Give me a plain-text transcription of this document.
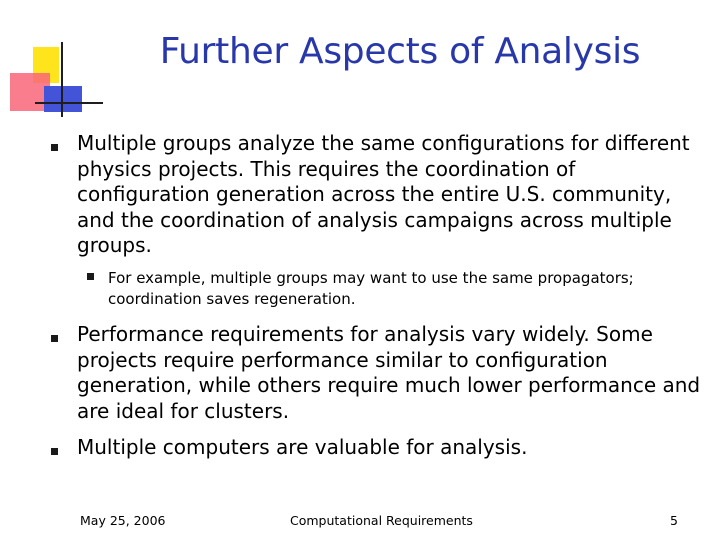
Further Aspects of Analysis

Multiple groups analyze the same configurations for different physics projects. This requires the coordination of configuration generation across the entire U.S. community, and the coordination of analysis campaigns across multiple groups.

For example, multiple groups may want to use the same propagators; coordination saves regeneration.

Performance requirements for analysis vary widely. Some projects require performance similar to configuration generation, while others require much lower performance and are ideal for clusters.

Multiple computers are valuable for analysis.

May 25, 2006	Computational Requirements	5
